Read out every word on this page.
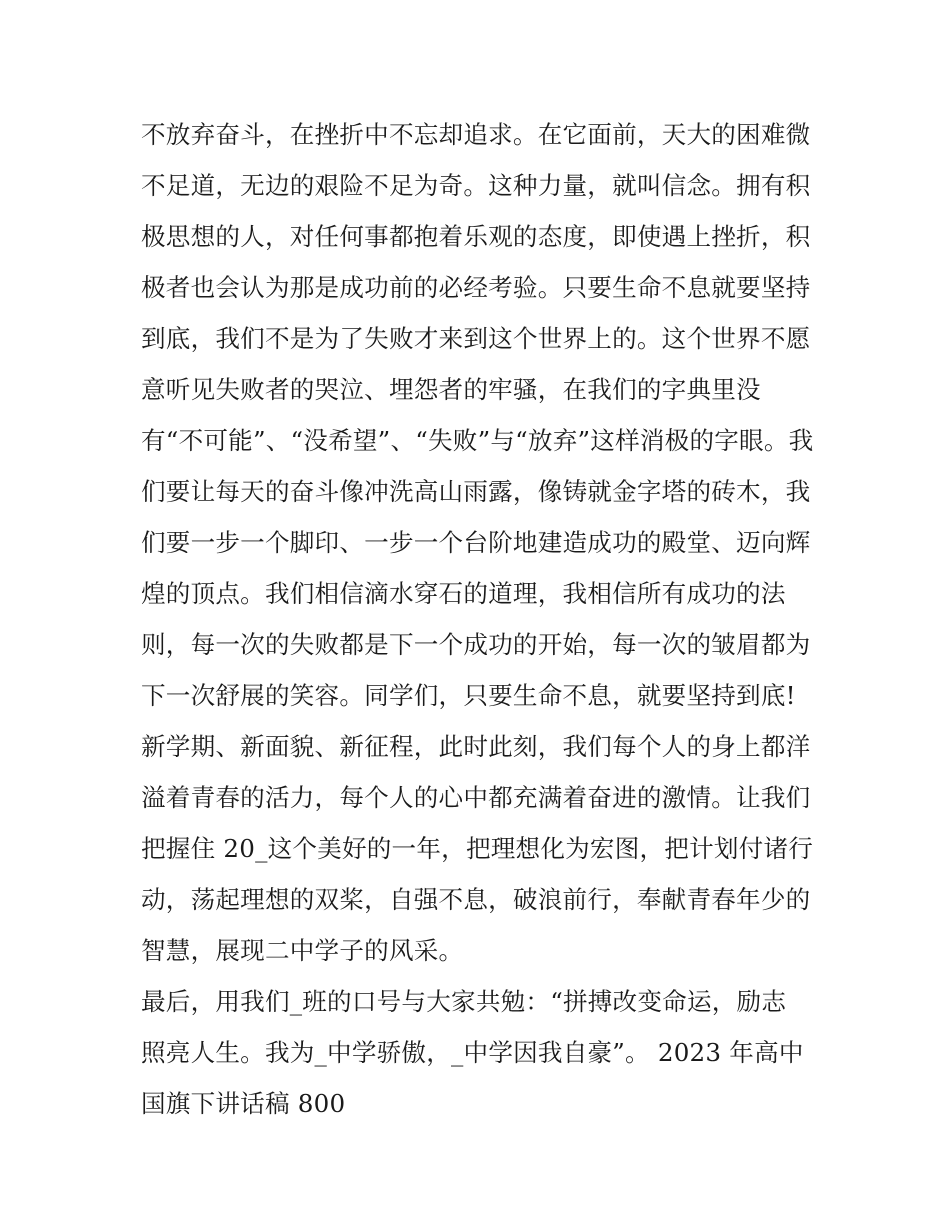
不放弃奋斗，在挫折中不忘却追求。在它面前，天大的困难微
不足道，无边的艰险不足为奇。这种力量，就叫信念。拥有积
极思想的人，对任何事都抱着乐观的态度，即使遇上挫折，积
极者也会认为那是成功前的必经考验。只要生命不息就要坚持
到底，我们不是为了失败才来到这个世界上的。这个世界不愿
意听见失败者的哭泣、埋怨者的牢骚，在我们的字典里没
有“不可能”、“没希望”、“失败”与“放弃”这样消极的字眼。我
们要让每天的奋斗像冲洗高山雨露，像铸就金字塔的砖木，我
们要一步一个脚印、一步一个台阶地建造成功的殿堂、迈向辉
煌的顶点。我们相信滴水穿石的道理，我相信所有成功的法
则，每一次的失败都是下一个成功的开始，每一次的皱眉都为
下一次舒展的笑容。同学们，只要生命不息，就要坚持到底!
新学期、新面貌、新征程，此时此刻，我们每个人的身上都洋
溢着青春的活力，每个人的心中都充满着奋进的激情。让我们
把握住 20_这个美好的一年，把理想化为宏图，把计划付诸行
动，荡起理想的双桨，自强不息，破浪前行，奉献青春年少的
智慧，展现二中学子的风采。
最后，用我们_班的口号与大家共勉：“拼搏改变命运，励志
照亮人生。我为_中学骄傲，_中学因我自豪”。 2023 年高中
国旗下讲话稿 800
